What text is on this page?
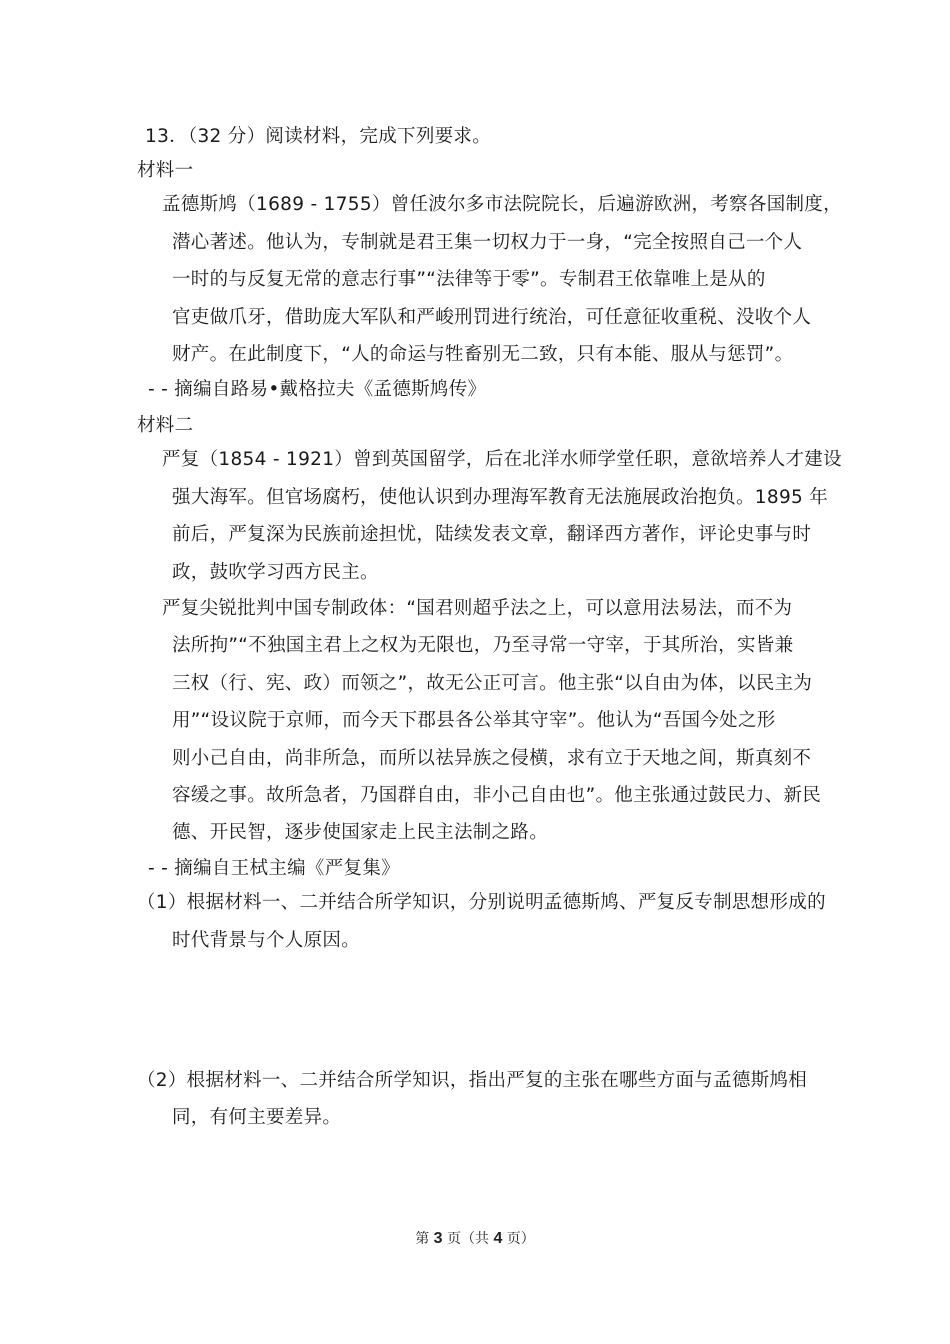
13．（32 分）阅读材料，完成下列要求。
材料一
孟德斯鸠（1689 - 1755）曾任波尔多市法院院长，后遍游欧洲，考察各国制度，
潜心著述。他认为，专制就是君王集一切权力于一身，“完全按照自己一个人
一时的与反复无常的意志行事”“法律等于零”。专制君王依靠唯上是从的
官吏做爪牙，借助庞大军队和严峻刑罚进行统治，可任意征收重税、没收个人
财产。在此制度下，“人的命运与牲畜别无二致，只有本能、服从与惩罚”。
- - 摘编自路易•戴格拉夫《孟德斯鸠传》
材料二
严复（1854 - 1921）曾到英国留学，后在北洋水师学堂任职，意欲培养人才建设
强大海军。但官场腐朽，使他认识到办理海军教育无法施展政治抱负。1895 年
前后，严复深为民族前途担忧，陆续发表文章，翻译西方著作，评论史事与时
政，鼓吹学习西方民主。
严复尖锐批判中国专制政体：“国君则超乎法之上，可以意用法易法，而不为
法所拘”“不独国主君上之权为无限也，乃至寻常一守宰，于其所治，实皆兼
三权（行、宪、政）而领之”，故无公正可言。他主张“以自由为体，以民主为
用”“设议院于京师，而今天下郡县各公举其守宰”。他认为“吾国今处之形
则小己自由，尚非所急，而所以祛异族之侵横，求有立于天地之间，斯真刻不
容缓之事。故所急者，乃国群自由，非小己自由也”。他主张通过鼓民力、新民
德、开民智，逐步使国家走上民主法制之路。
- - 摘编自王栻主编《严复集》
（1）根据材料一、二并结合所学知识，分别说明孟德斯鸠、严复反专制思想形成的
时代背景与个人原因。
（2）根据材料一、二并结合所学知识，指出严复的主张在哪些方面与孟德斯鸠相
同，有何主要差异。
第 3 页（共 4 页）
